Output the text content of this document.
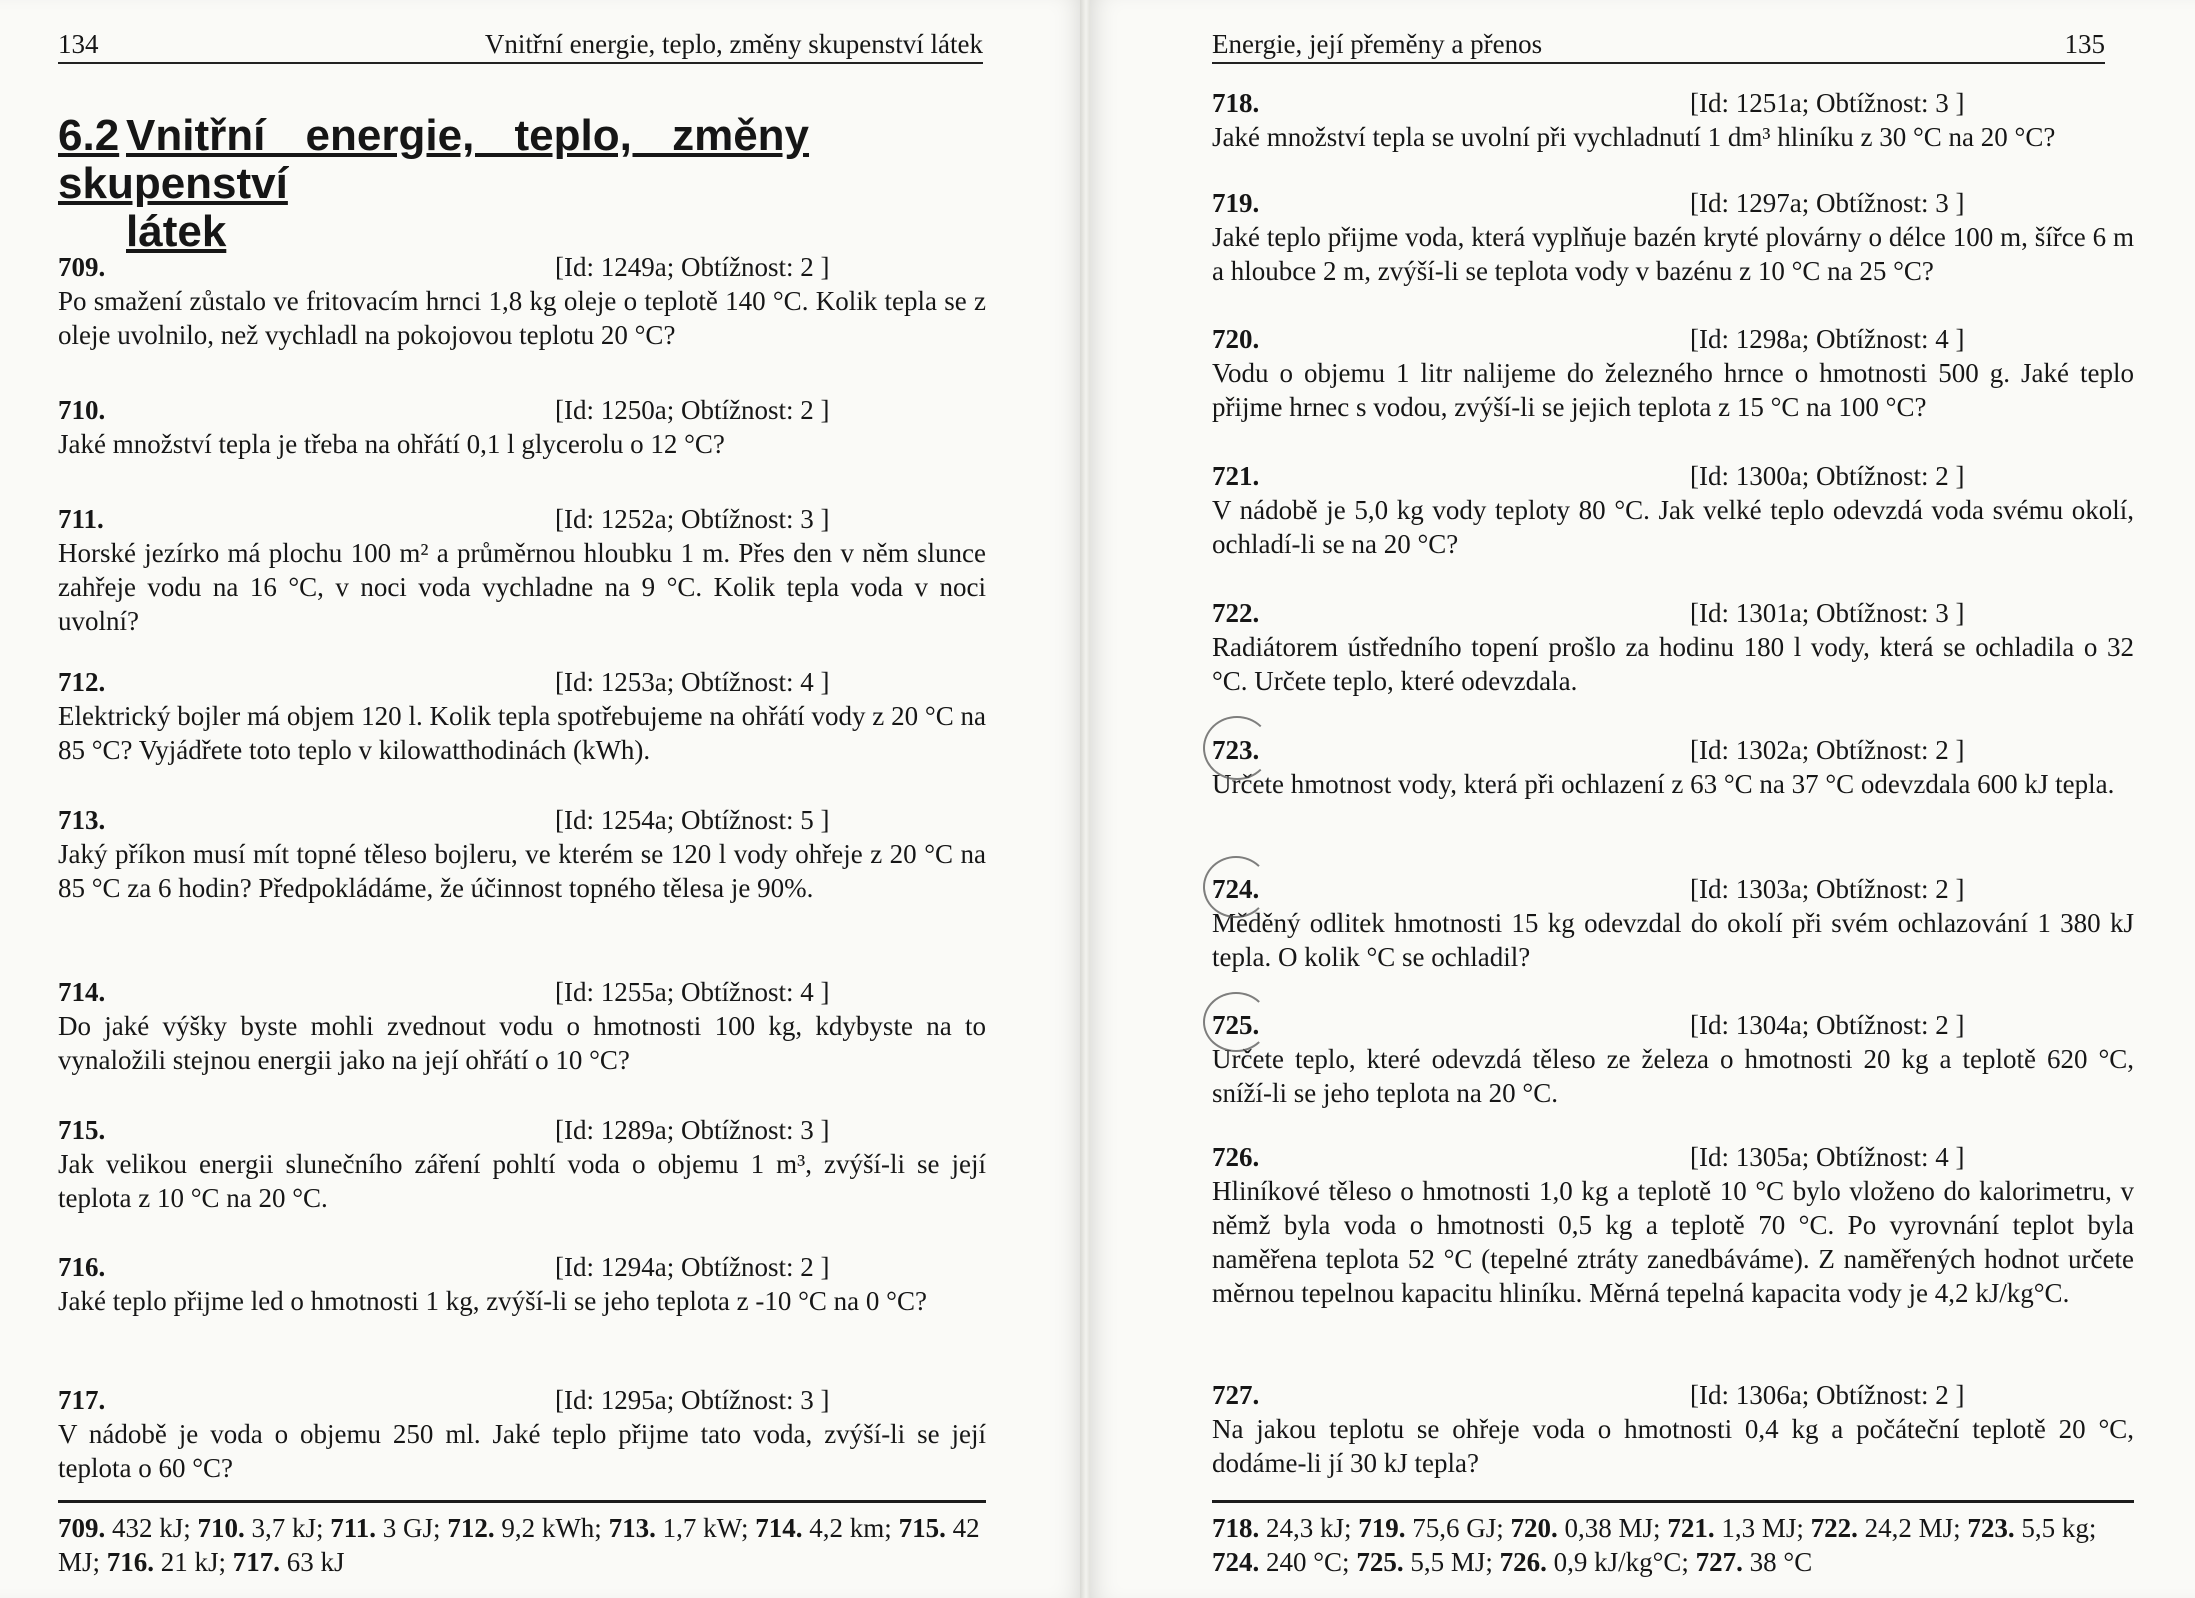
134	Vnitřní energie, teplo, změny skupenství látek
6.2 Vnitřní energie, teplo, změny skupenství
látek
709.	[Id: 1249a; Obtížnost: 2 ]
Po smažení zůstalo ve fritovacím hrnci 1,8 kg oleje o teplotě 140 °C. Kolik tepla se z oleje uvolnilo, než vychladl na pokojovou teplotu 20 °C?
710.	[Id: 1250a; Obtížnost: 2 ]
Jaké množství tepla je třeba na ohřátí 0,1 l glycerolu o 12 °C?
711.	[Id: 1252a; Obtížnost: 3 ]
Horské jezírko má plochu 100 m² a průměrnou hloubku 1 m. Přes den v něm slunce zahřeje vodu na 16 °C, v noci voda vychladne na 9 °C. Kolik tepla voda v noci uvolní?
712.	[Id: 1253a; Obtížnost: 4 ]
Elektrický bojler má objem 120 l. Kolik tepla spotřebujeme na ohřátí vody z 20 °C na 85 °C? Vyjádřete toto teplo v kilowatthodinách (kWh).
713.	[Id: 1254a; Obtížnost: 5 ]
Jaký příkon musí mít topné těleso bojleru, ve kterém se 120 l vody ohřeje z 20 °C na 85 °C za 6 hodin? Předpokládáme, že účinnost topného tělesa je 90%.
714.	[Id: 1255a; Obtížnost: 4 ]
Do jaké výšky byste mohli zvednout vodu o hmotnosti 100 kg, kdybyste na to vynaložili stejnou energii jako na její ohřátí o 10 °C?
715.	[Id: 1289a; Obtížnost: 3 ]
Jak velikou energii slunečního záření pohltí voda o objemu 1 m³, zvýší-li se její teplota z 10 °C na 20 °C.
716.	[Id: 1294a; Obtížnost: 2 ]
Jaké teplo přijme led o hmotnosti 1 kg, zvýší-li se jeho teplota z -10 °C na 0 °C?
717.	[Id: 1295a; Obtížnost: 3 ]
V nádobě je voda o objemu 250 ml. Jaké teplo přijme tato voda, zvýší-li se její teplota o 60 °C?
709. 432 kJ; 710. 3,7 kJ; 711. 3 GJ; 712. 9,2 kWh; 713. 1,7 kW; 714. 4,2 km; 715. 42 MJ; 716. 21 kJ; 717. 63 kJ
Energie, její přeměny a přenos	135
718.	[Id: 1251a; Obtížnost: 3 ]
Jaké množství tepla se uvolní při vychladnutí 1 dm³ hliníku z 30 °C na 20 °C?
719.	[Id: 1297a; Obtížnost: 3 ]
Jaké teplo přijme voda, která vyplňuje bazén kryté plovárny o délce 100 m, šířce 6 m a hloubce 2 m, zvýší-li se teplota vody v bazénu z 10 °C na 25 °C?
720.	[Id: 1298a; Obtížnost: 4 ]
Vodu o objemu 1 litr nalijeme do železného hrnce o hmotnosti 500 g. Jaké teplo přijme hrnec s vodou, zvýší-li se jejich teplota z 15 °C na 100 °C?
721.	[Id: 1300a; Obtížnost: 2 ]
V nádobě je 5,0 kg vody teploty 80 °C. Jak velké teplo odevzdá voda svému okolí, ochladí-li se na 20 °C?
722.	[Id: 1301a; Obtížnost: 3 ]
Radiátorem ústředního topení prošlo za hodinu 180 l vody, která se ochladila o 32 °C. Určete teplo, které odevzdala.
723.	[Id: 1302a; Obtížnost: 2 ]
Určete hmotnost vody, která při ochlazení z 63 °C na 37 °C odevzdala 600 kJ tepla.
724.	[Id: 1303a; Obtížnost: 2 ]
Měděný odlitek hmotnosti 15 kg odevzdal do okolí při svém ochlazování 1 380 kJ tepla. O kolik °C se ochladil?
725.	[Id: 1304a; Obtížnost: 2 ]
Určete teplo, které odevzdá těleso ze železa o hmotnosti 20 kg a teplotě 620 °C, sníží-li se jeho teplota na 20 °C.
726.	[Id: 1305a; Obtížnost: 4 ]
Hliníkové těleso o hmotnosti 1,0 kg a teplotě 10 °C bylo vloženo do kalorimetru, v němž byla voda o hmotnosti 0,5 kg a teplotě 70 °C. Po vyrovnání teplot byla naměřena teplota 52 °C (tepelné ztráty zanedbáváme). Z naměřených hodnot určete měrnou tepelnou kapacitu hliníku. Měrná tepelná kapacita vody je 4,2 kJ/kg°C.
727.	[Id: 1306a; Obtížnost: 2 ]
Na jakou teplotu se ohřeje voda o hmotnosti 0,4 kg a počáteční teplotě 20 °C, dodáme-li jí 30 kJ tepla?
718. 24,3 kJ; 719. 75,6 GJ; 720. 0,38 MJ; 721. 1,3 MJ; 722. 24,2 MJ; 723. 5,5 kg; 724. 240 °C; 725. 5,5 MJ; 726. 0,9 kJ/kg°C; 727. 38 °C
